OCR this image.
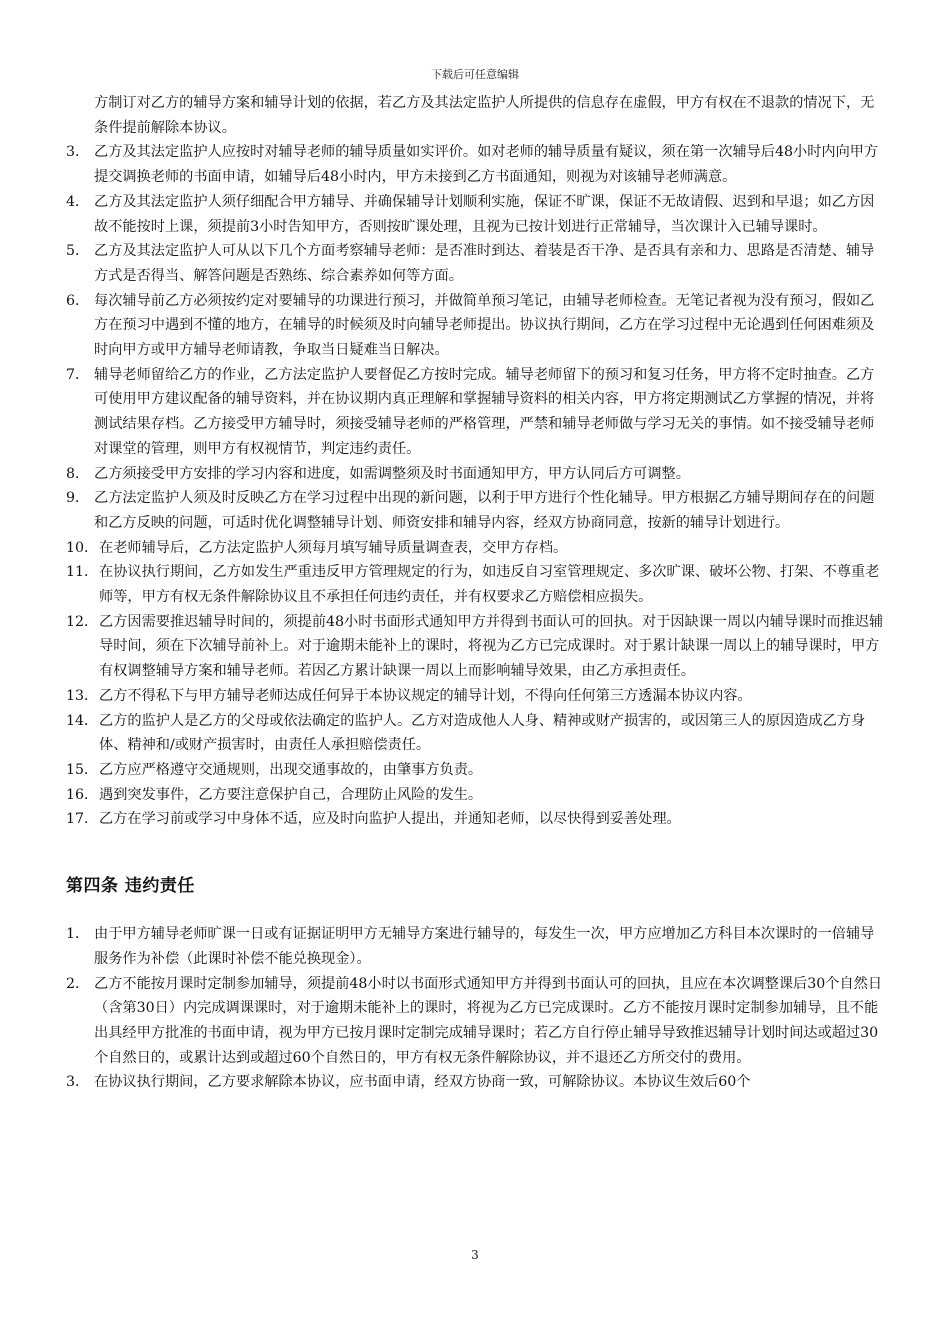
下载后可任意编辑
方制订对乙方的辅导方案和辅导计划的依据，若乙方及其法定监护人所提供的信息存在虚假，甲方有权在不退款的情况下，无条件提前解除本协议。
3． 乙方及其法定监护人应按时对辅导老师的辅导质量如实评价。如对老师的辅导质量有疑议，须在第一次辅导后48小时内向甲方提交调换老师的书面申请，如辅导后48小时内，甲方未接到乙方书面通知，则视为对该辅导老师满意。
4． 乙方及其法定监护人须仔细配合甲方辅导、并确保辅导计划顺利实施，保证不旷课，保证不无故请假、迟到和早退；如乙方因故不能按时上课，须提前3小时告知甲方，否则按旷课处理，且视为已按计划进行正常辅导，当次课计入已辅导课时。
5． 乙方及其法定监护人可从以下几个方面考察辅导老师：是否准时到达、着装是否干净、是否具有亲和力、思路是否清楚、辅导方式是否得当、解答问题是否熟练、综合素养如何等方面。
6． 每次辅导前乙方必须按约定对要辅导的功课进行预习，并做简单预习笔记，由辅导老师检查。无笔记者视为没有预习，假如乙方在预习中遇到不懂的地方，在辅导的时候须及时向辅导老师提出。协议执行期间，乙方在学习过程中无论遇到任何困难须及时向甲方或甲方辅导老师请教，争取当日疑难当日解决。
7． 辅导老师留给乙方的作业，乙方法定监护人要督促乙方按时完成。辅导老师留下的预习和复习任务，甲方将不定时抽查。乙方可使用甲方建议配备的辅导资料，并在协议期内真正理解和掌握辅导资料的相关内容，甲方将定期测试乙方掌握的情况，并将测试结果存档。乙方接受甲方辅导时，须接受辅导老师的严格管理，严禁和辅导老师做与学习无关的事情。如不接受辅导老师对课堂的管理，则甲方有权视情节，判定违约责任。
8． 乙方须接受甲方安排的学习内容和进度，如需调整须及时书面通知甲方，甲方认同后方可调整。
9． 乙方法定监护人须及时反映乙方在学习过程中出现的新问题，以利于甲方进行个性化辅导。甲方根据乙方辅导期间存在的问题和乙方反映的问题，可适时优化调整辅导计划、师资安排和辅导内容，经双方协商同意，按新的辅导计划进行。
10． 在老师辅导后，乙方法定监护人须每月填写辅导质量调查表，交甲方存档。
11． 在协议执行期间，乙方如发生严重违反甲方管理规定的行为，如违反自习室管理规定、多次旷课、破坏公物、打架、不尊重老师等，甲方有权无条件解除协议且不承担任何违约责任，并有权要求乙方赔偿相应损失。
12． 乙方因需要推迟辅导时间的，须提前48小时书面形式通知甲方并得到书面认可的回执。对于因缺课一周以内辅导课时而推迟辅导时间，须在下次辅导前补上。对于逾期未能补上的课时，将视为乙方已完成课时。对于累计缺课一周以上的辅导课时，甲方有权调整辅导方案和辅导老师。若因乙方累计缺课一周以上而影响辅导效果，由乙方承担责任。
13． 乙方不得私下与甲方辅导老师达成任何异于本协议规定的辅导计划，不得向任何第三方透漏本协议内容。
14． 乙方的监护人是乙方的父母或依法确定的监护人。乙方对造成他人人身、精神或财产损害的，或因第三人的原因造成乙方身体、精神和/或财产损害时，由责任人承担赔偿责任。
15． 乙方应严格遵守交通规则，出现交通事故的，由肇事方负责。
16． 遇到突发事件，乙方要注意保护自己，合理防止风险的发生。
17． 乙方在学习前或学习中身体不适，应及时向监护人提出，并通知老师，以尽快得到妥善处理。
第四条 违约责任
1． 由于甲方辅导老师旷课一日或有证据证明甲方无辅导方案进行辅导的，每发生一次，甲方应增加乙方科目本次课时的一倍辅导服务作为补偿（此课时补偿不能兑换现金）。
2． 乙方不能按月课时定制参加辅导，须提前48小时以书面形式通知甲方并得到书面认可的回执，且应在本次调整课后30个自然日（含第30日）内完成调课课时，对于逾期未能补上的课时，将视为乙方已完成课时。乙方不能按月课时定制参加辅导，且不能出具经甲方批准的书面申请，视为甲方已按月课时定制完成辅导课时；若乙方自行停止辅导导致推迟辅导计划时间达或超过30个自然日的，或累计达到或超过60个自然日的，甲方有权无条件解除协议，并不退还乙方所交付的费用。
3． 在协议执行期间，乙方要求解除本协议，应书面申请，经双方协商一致，可解除协议。本协议生效后60个
3
